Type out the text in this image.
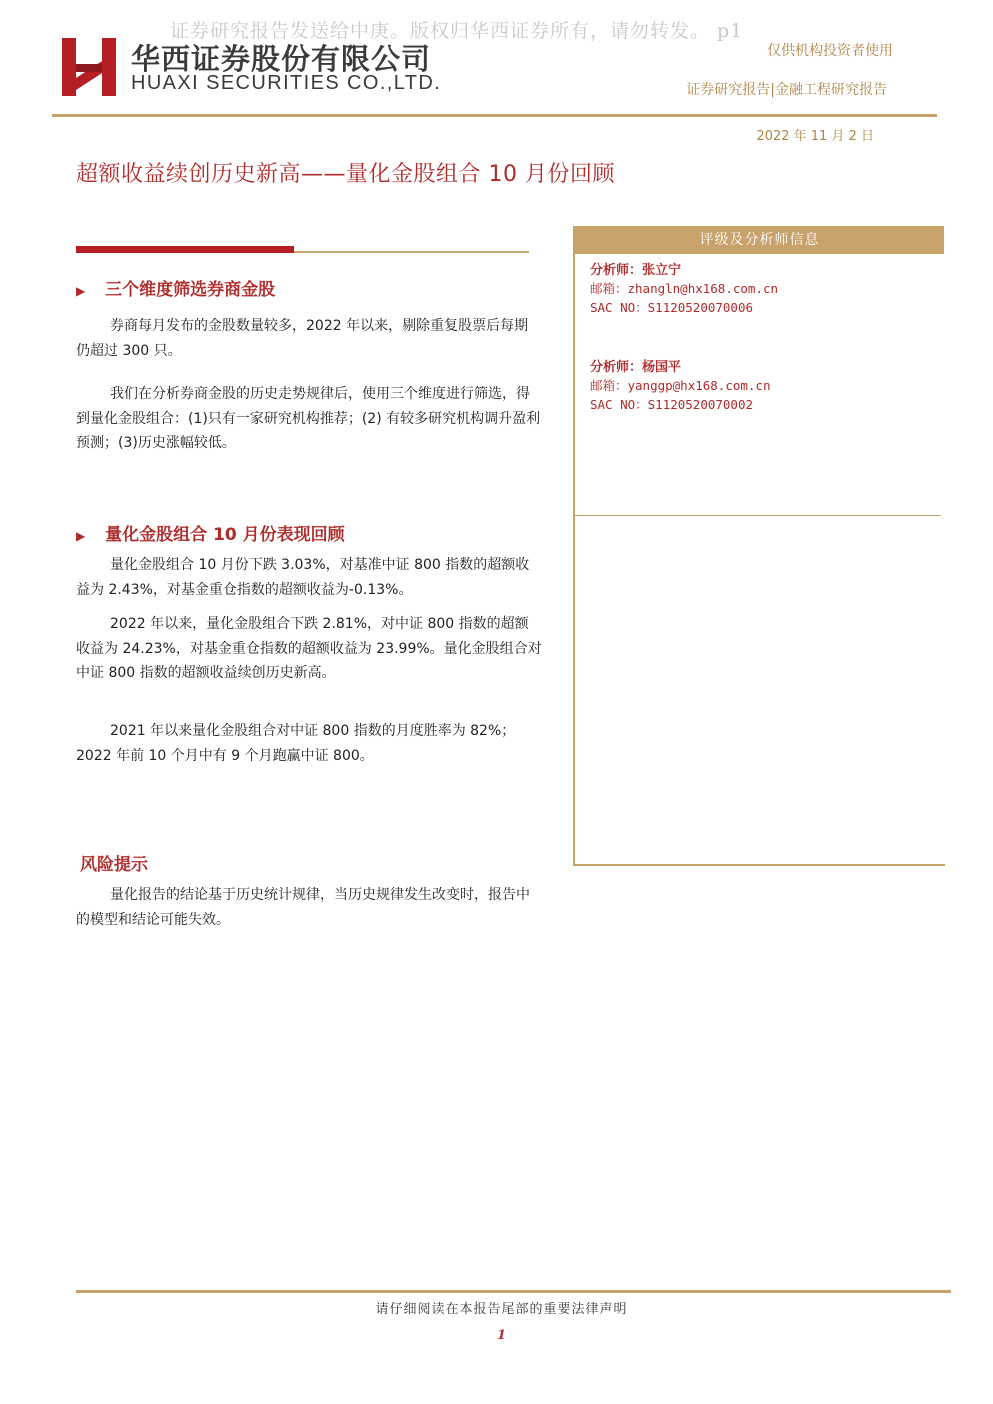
证券研究报告发送给中庚。版权归华西证券所有，请勿转发。 p1
华西证券股份有限公司
HUAXI SECURITIES CO.,LTD.
仅供机构投资者使用
证券研究报告|金融工程研究报告
2022 年 11 月 2 日
超额收益续创历史新高——量化金股组合 10 月份回顾
▶ 三个维度筛选券商金股

券商每月发布的金股数量较多，2022 年以来，剔除重复股票后每期仍超过 300 只。

我们在分析券商金股的历史走势规律后，使用三个维度进行筛选，得到量化金股组合：(1)只有一家研究机构推荐；(2) 有较多研究机构调升盈利预测；(3)历史涨幅较低。

▶ 量化金股组合 10 月份表现回顾

量化金股组合 10 月份下跌 3.03%，对基准中证 800 指数的超额收益为 2.43%，对基金重仓指数的超额收益为-0.13%。

2022 年以来，量化金股组合下跌 2.81%，对中证 800 指数的超额收益为 24.23%，对基金重仓指数的超额收益为 23.99%。量化金股组合对中证 800 指数的超额收益续创历史新高。

2021 年以来量化金股组合对中证 800 指数的月度胜率为 82%；2022 年前 10 个月中有 9 个月跑赢中证 800。

风险提示

量化报告的结论基于历史统计规律，当历史规律发生改变时，报告中的模型和结论可能失效。

评级及分析师信息
分析师：张立宁
邮箱：zhangln@hx168.com.cn
SAC NO：S1120520070006
分析师：杨国平
邮箱：yanggp@hx168.com.cn
SAC NO：S1120520070002
请仔细阅读在本报告尾部的重要法律声明
1
